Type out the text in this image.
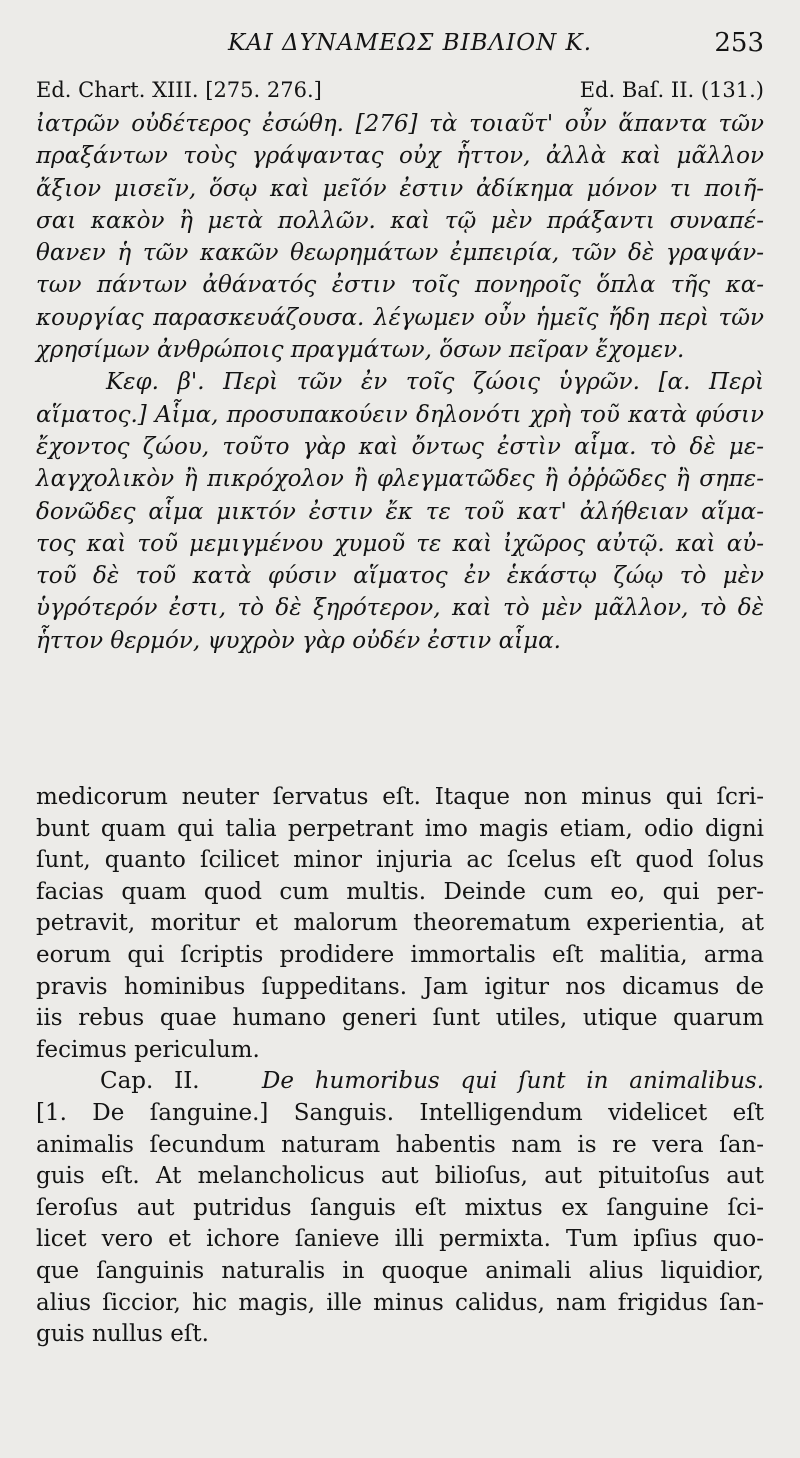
ΚΑΙ ΔΥΝΑΜΕΩΣ ΒΙΒΛΙΟΝ Κ.	253
Ed. Chart. XIII. [275. 276.]	Ed. Baſ. II. (131.)
ἰατρῶν οὐδέτερος ἐσώθη. [276] τὰ τοιαῦτ' οὖν ἅπαντα τῶν
πραξάντων τοὺς γράψαντας οὐχ ἧττον, ἀλλὰ καὶ μᾶλλον
ἄξιον μισεῖν, ὅσῳ καὶ μεῖόν ἐστιν ἀδίκημα μόνον τι ποιῆ-
σαι κακὸν ἢ μετὰ πολλῶν. καὶ τῷ μὲν πράξαντι συναπέ-
θανεν ἡ τῶν κακῶν θεωρημάτων ἐμπειρία, τῶν δὲ γραψάν-
των πάντων ἀθάνατός ἐστιν τοῖς πονηροῖς ὅπλα τῆς κα-
κουργίας παρασκευάζουσα. λέγωμεν οὖν ἡμεῖς ἤδη περὶ τῶν
χρησίμων ἀνθρώποις πραγμάτων, ὅσων πεῖραν ἔχομεν.
Κεφ. β'. Περὶ τῶν ἐν τοῖς ζώοις ὑγρῶν. [α. Περὶ
αἵματος.] Αἷμα, προσυπακούειν δηλονότι χρὴ τοῦ κατὰ φύσιν
ἔχοντος ζώου, τοῦτο γὰρ καὶ ὄντως ἐστὶν αἷμα. τὸ δὲ με-
λαγχολικὸν ἢ πικρόχολον ἢ φλεγματῶδες ἢ ὀῤῥῶδες ἢ σηπε-
δονῶδες αἷμα μικτόν ἐστιν ἔκ τε τοῦ κατ' ἀλήθειαν αἵμα-
τος καὶ τοῦ μεμιγμένου χυμοῦ τε καὶ ἰχῶρος αὐτῷ. καὶ αὐ-
τοῦ δὲ τοῦ κατὰ φύσιν αἵματος ἐν ἑκάστῳ ζώῳ τὸ μὲν
ὑγρότερόν ἐστι, τὸ δὲ ξηρότερον, καὶ τὸ μὲν μᾶλλον, τὸ δὲ
ἧττον θερμόν, ψυχρὸν γὰρ οὐδέν ἐστιν αἷμα.
medicorum neuter ſervatus eſt. Itaque non minus qui ſcri-
bunt quam qui talia perpetrant imo magis etiam, odio digni
ſunt, quanto ſcilicet minor injuria ac ſcelus eſt quod ſolus
facias quam quod cum multis. Deinde cum eo, qui per-
petravit, moritur et malorum theorematum experientia, at
eorum qui ſcriptis prodidere immortalis eſt malitia, arma
pravis hominibus ſuppeditans. Jam igitur nos dicamus de
iis rebus quae humano generi ſunt utiles, utique quarum
fecimus periculum.
Cap. II.	De humoribus qui ſunt in animalibus.
[1. De ſanguine.] Sanguis. Intelligendum videlicet eſt
animalis ſecundum naturam habentis nam is re vera ſan-
guis eſt. At melancholicus aut bilioſus, aut pituitoſus aut
ſeroſus aut putridus ſanguis eſt mixtus ex ſanguine ſci-
licet vero et ichore ſanieve illi permixta. Tum ipſius quo-
que ſanguinis naturalis in quoque animali alius liquidior,
alius ſiccior, hic magis, ille minus calidus, nam frigidus ſan-
guis nullus eſt.
